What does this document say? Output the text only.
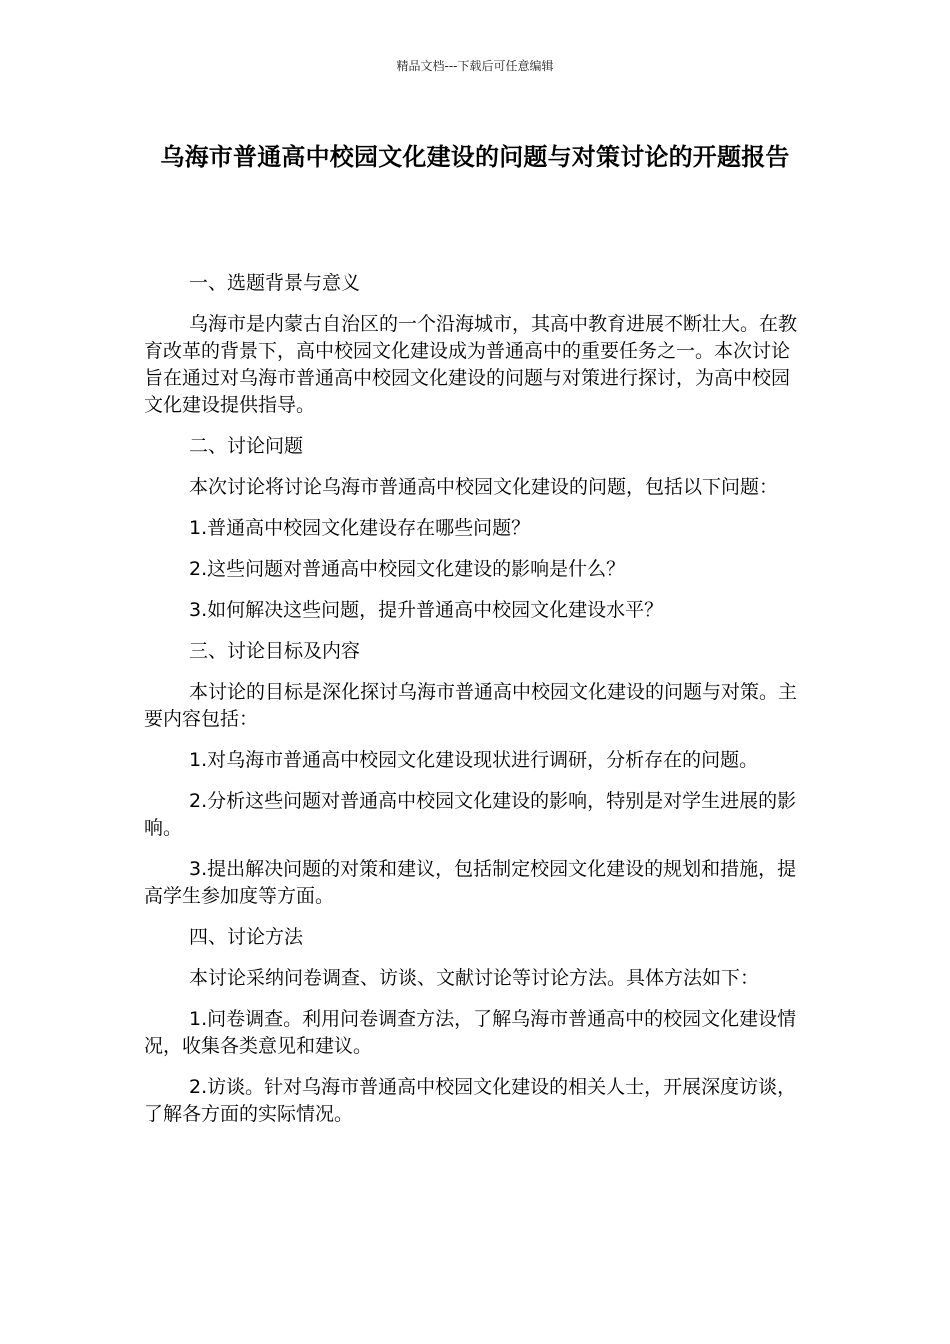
精品文档---下载后可任意编辑
乌海市普通高中校园文化建设的问题与对策讨论的开题报告

一、选题背景与意义

乌海市是内蒙古自治区的一个沿海城市，其高中教育进展不断壮大。在教育改革的背景下，高中校园文化建设成为普通高中的重要任务之一。本次讨论旨在通过对乌海市普通高中校园文化建设的问题与对策进行探讨，为高中校园文化建设提供指导。

二、讨论问题

本次讨论将讨论乌海市普通高中校园文化建设的问题，包括以下问题：

1.普通高中校园文化建设存在哪些问题？

2.这些问题对普通高中校园文化建设的影响是什么？

3.如何解决这些问题，提升普通高中校园文化建设水平？

三、讨论目标及内容

本讨论的目标是深化探讨乌海市普通高中校园文化建设的问题与对策。主要内容包括：

1.对乌海市普通高中校园文化建设现状进行调研，分析存在的问题。

2.分析这些问题对普通高中校园文化建设的影响，特别是对学生进展的影响。

3.提出解决问题的对策和建议，包括制定校园文化建设的规划和措施，提高学生参加度等方面。

四、讨论方法

本讨论采纳问卷调查、访谈、文献讨论等讨论方法。具体方法如下：

1.问卷调查。利用问卷调查方法，了解乌海市普通高中的校园文化建设情况，收集各类意见和建议。

2.访谈。针对乌海市普通高中校园文化建设的相关人士，开展深度访谈，了解各方面的实际情况。
